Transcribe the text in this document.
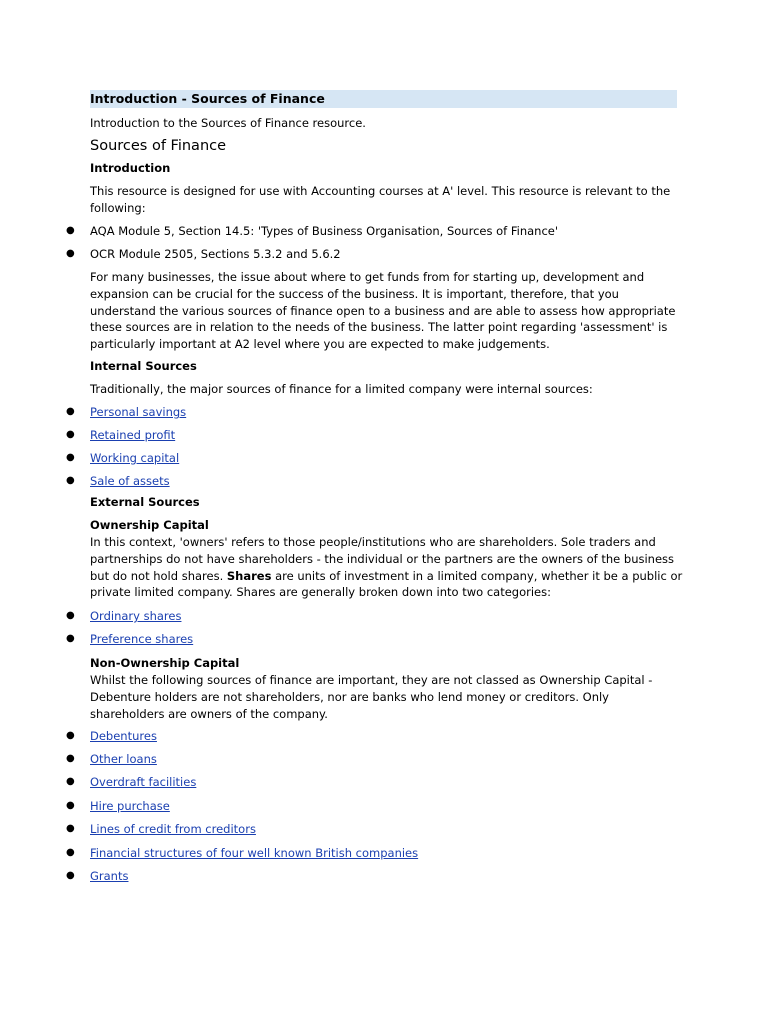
Introduction - Sources of Finance
Introduction to the Sources of Finance resource.
Sources of Finance
Introduction
This resource is designed for use with Accounting courses at A' level. This resource is relevant to the
following:
● AQA Module 5, Section 14.5: 'Types of Business Organisation, Sources of Finance'
● OCR Module 2505, Sections 5.3.2 and 5.6.2
For many businesses, the issue about where to get funds from for starting up, development and
expansion can be crucial for the success of the business. It is important, therefore, that you
understand the various sources of finance open to a business and are able to assess how appropriate
these sources are in relation to the needs of the business. The latter point regarding 'assessment' is
particularly important at A2 level where you are expected to make judgements.
Internal Sources
Traditionally, the major sources of finance for a limited company were internal sources:
● Personal savings
● Retained profit
● Working capital
● Sale of assets
External Sources
Ownership Capital
In this context, 'owners' refers to those people/institutions who are shareholders. Sole traders and
partnerships do not have shareholders - the individual or the partners are the owners of the business
but do not hold shares. Shares are units of investment in a limited company, whether it be a public or
private limited company. Shares are generally broken down into two categories:
● Ordinary shares
● Preference shares
Non-Ownership Capital
Whilst the following sources of finance are important, they are not classed as Ownership Capital -
Debenture holders are not shareholders, nor are banks who lend money or creditors. Only
shareholders are owners of the company.
● Debentures
● Other loans
● Overdraft facilities
● Hire purchase
● Lines of credit from creditors
● Financial structures of four well known British companies
● Grants
